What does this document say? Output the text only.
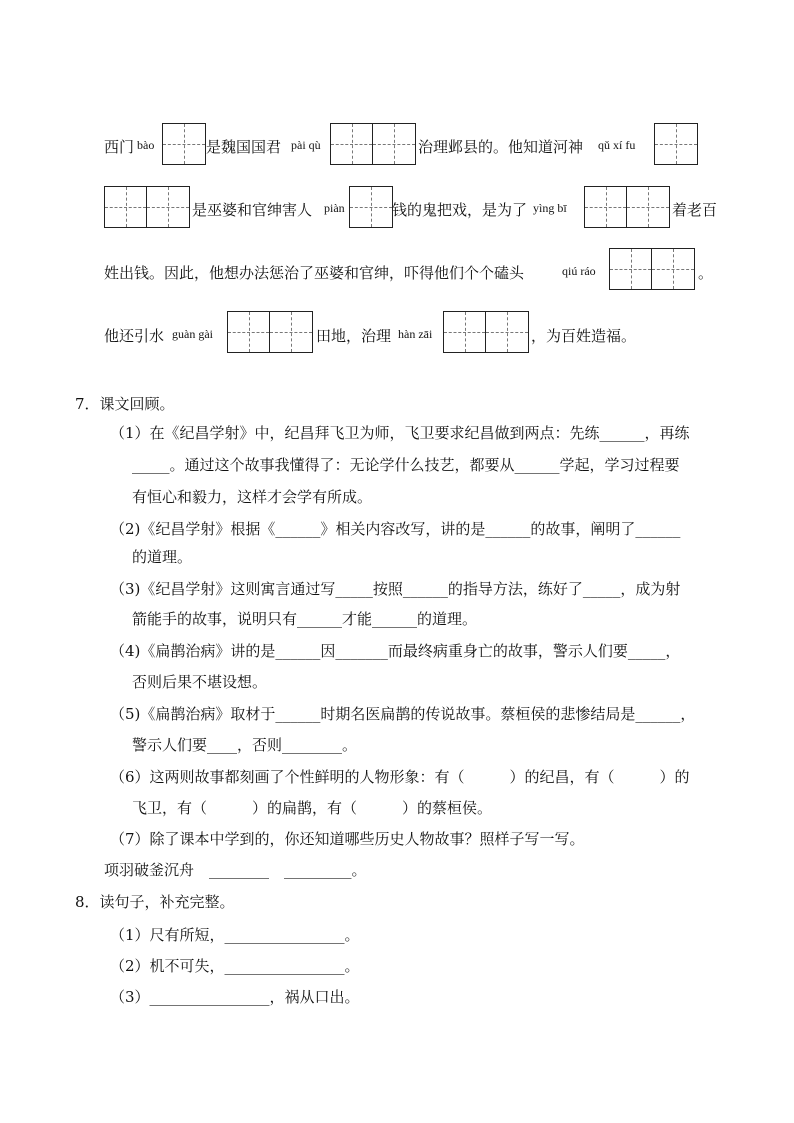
西门 bào	是魏国国君 pài qù	治理邺县的。他知道河神 qǔ xí fu
是巫婆和官绅害人 piàn	钱的鬼把戏，是为了 yìng bī	着老百
姓出钱。因此，他想办法惩治了巫婆和官绅，吓得他们个个磕头	qiú ráo	。
他还引水 guàn gài	田地，治理 hàn zāi	，为百姓造福。
7．课文回顾。
（1）在《纪昌学射》中，纪昌拜飞卫为师，飞卫要求纪昌做到两点：先练______，再练
_____。通过这个故事我懂得了：无论学什么技艺，都要从______学起，学习过程要
有恒心和毅力，这样才会学有所成。
（2)《纪昌学射》根据《______》相关内容改写，讲的是______的故事，阐明了______
的道理。
（3)《纪昌学射》这则寓言通过写_____按照______的指导方法，练好了_____，成为射
箭能手的故事，说明只有______才能______的道理。
（4)《扁鹊治病》讲的是______因_______而最终病重身亡的故事，警示人们要_____，
否则后果不堪设想。
（5)《扁鹊治病》取材于______时期名医扁鹊的传说故事。蔡桓侯的悲惨结局是______，
警示人们要____，否则________。
（6）这两则故事都刻画了个性鲜明的人物形象：有（　　　）的纪昌，有（　　　）的
飞卫，有（　　　）的扁鹊，有（　　　）的蔡桓侯。
（7）除了课本中学到的，你还知道哪些历史人物故事？照样子写一写。
项羽破釜沉舟　________　_________。
8．读句子，补充完整。
（1）尺有所短，________________。
（2）机不可失，________________。
（3）________________，祸从口出。
